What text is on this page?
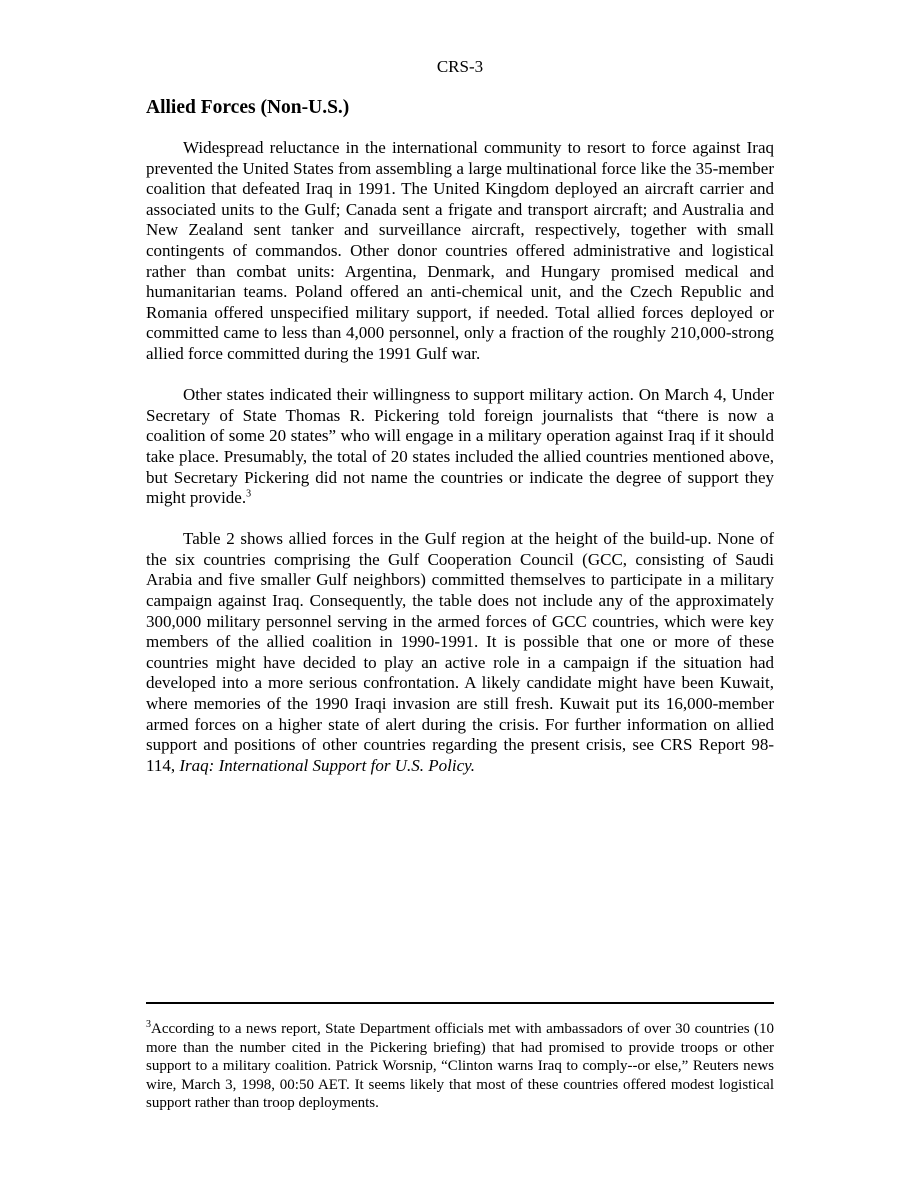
CRS-3
Allied Forces (Non-U.S.)

Widespread reluctance in the international community to resort to force against Iraq prevented the United States from assembling a large multinational force like the 35-member coalition that defeated Iraq in 1991. The United Kingdom deployed an aircraft carrier and associated units to the Gulf; Canada sent a frigate and transport aircraft; and Australia and New Zealand sent tanker and surveillance aircraft, respectively, together with small contingents of commandos. Other donor countries offered administrative and logistical rather than combat units: Argentina, Denmark, and Hungary promised medical and humanitarian teams. Poland offered an anti-chemical unit, and the Czech Republic and Romania offered unspecified military support, if needed. Total allied forces deployed or committed came to less than 4,000 personnel, only a fraction of the roughly 210,000-strong allied force committed during the 1991 Gulf war.

Other states indicated their willingness to support military action. On March 4, Under Secretary of State Thomas R. Pickering told foreign journalists that “there is now a coalition of some 20 states” who will engage in a military operation against Iraq if it should take place. Presumably, the total of 20 states included the allied countries mentioned above, but Secretary Pickering did not name the countries or indicate the degree of support they might provide.$^3$

Table 2 shows allied forces in the Gulf region at the height of the build-up. None of the six countries comprising the Gulf Cooperation Council (GCC, consisting of Saudi Arabia and five smaller Gulf neighbors) committed themselves to participate in a military campaign against Iraq. Consequently, the table does not include any of the approximately 300,000 military personnel serving in the armed forces of GCC countries, which were key members of the allied coalition in 1990-1991. It is possible that one or more of these countries might have decided to play an active role in a campaign if the situation had developed into a more serious confrontation. A likely candidate might have been Kuwait, where memories of the 1990 Iraqi invasion are still fresh. Kuwait put its 16,000-member armed forces on a higher state of alert during the crisis. For further information on allied support and positions of other countries regarding the present crisis, see CRS Report 98-114, Iraq: International Support for U.S. Policy.

$^3$According to a news report, State Department officials met with ambassadors of over 30 countries (10 more than the number cited in the Pickering briefing) that had promised to provide troops or other support to a military coalition. Patrick Worsnip, “Clinton warns Iraq to comply--or else,” Reuters news wire, March 3, 1998, 00:50 AET. It seems likely that most of these countries offered modest logistical support rather than troop deployments.
